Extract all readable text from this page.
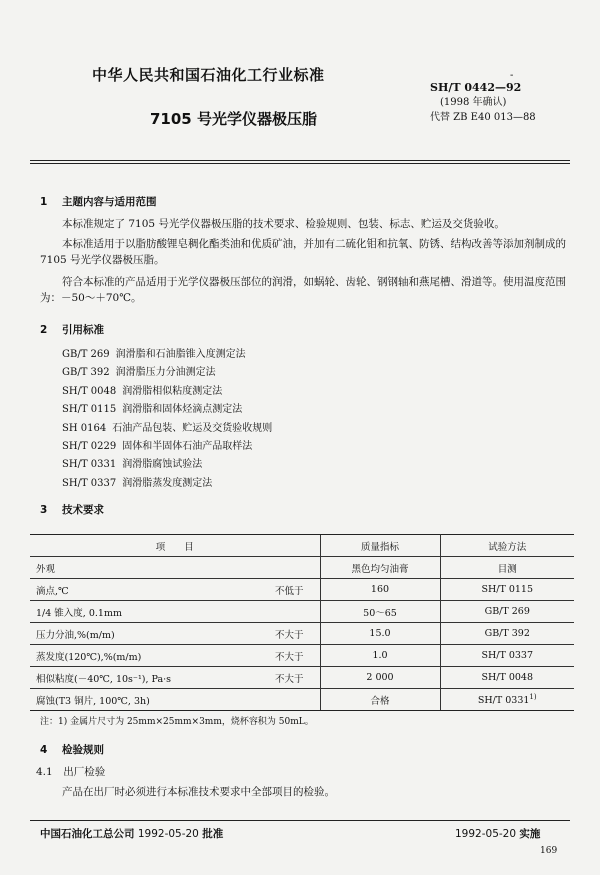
中华人民共和国石油化工行业标准	-
SH/T 0442—92
(1998 年确认)
代替 ZB E40 013—88
7105 号光学仪器极压脂
1 主题内容与适用范围
本标准规定了 7105 号光学仪器极压脂的技术要求、检验规则、包装、标志、贮运及交货验收。
本标准适用于以脂肪酸锂皂稠化酯类油和优质矿油，并加有二硫化钼和抗氧、防锈、结构改善等添加剂制成的 7105 号光学仪器极压脂。
符合本标准的产品适用于光学仪器极压部位的润滑，如蜗轮、齿轮、钢钢轴和燕尾槽、滑道等。使用温度范围为：－50～＋70℃。
2 引用标准
GB/T 269 润滑脂和石油脂锥入度测定法
GB/T 392 润滑脂压力分油测定法
SH/T 0048 润滑脂相似粘度测定法
SH/T 0115 润滑脂和固体烃滴点测定法
SH 0164 石油产品包装、贮运及交货验收规则
SH/T 0229 固体和半固体石油产品取样法
SH/T 0331 润滑脂腐蚀试验法
SH/T 0337 润滑脂蒸发度测定法
3 技术要求
项　　目	质量指标	试验方法

外观	黑色均匀油膏	目测

滴点,℃ 不低于	160	SH/T 0115

1/4 锥入度, 0.1mm	50～65	GB/T 269

压力分油,%(m/m) 不大于	15.0	GB/T 392

蒸发度(120℃),%(m/m) 不大于	1.0	SH/T 0337

相似粘度(－40℃, 10s⁻¹), Pa·s 不大于	2 000	SH/T 0048

腐蚀(T3 铜片, 100℃, 3h)	合格	SH/T 0331$^{1)}$
注：1) 金属片尺寸为 25mm×25mm×3mm，烧杯容积为 50mL。
4 检验规则
4.1　 出厂检验
产品在出厂时必须进行本标准技术要求中全部项目的检验。
中国石油化工总公司 1992-05-20 批准	1992-05-20 实施
169
